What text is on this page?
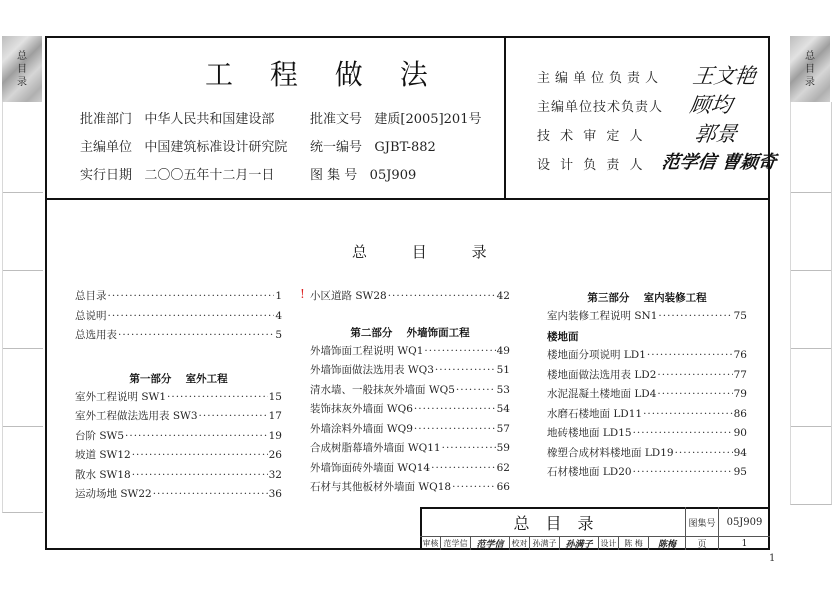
总
目
录
总
目
录
工 程 做 法
批准部门 中华人民共和国建设部
主编单位 中国建筑标准设计研究院
实行日期 二〇〇五年十二月一日
批准文号 建质[2005]201号
统一编号 GJBT-882
图 集 号 05J909
主编单位负责人 王文艳
主编单位技术负责人 顾均
技 术 审 定 人 郭景
设 计 负 责 人 范学信 曹颖奇
总	目	录
总目录 ·····	1
总说明 ·····	4
总选用表 ·····	5
第一部分　 室外工程
室外工程说明 SW1 ·····	15
室外工程做法选用表 SW3 ·····	17
台阶 SW5 ·····	19
坡道 SW12 ·····	26
散水 SW18 ·····	32
运动场地 SW22 ·····	36
! 小区道路 SW28 ·····	42
第二部分　 外墙饰面工程
外墙饰面工程说明 WQ1 ·····	49
外墙饰面做法选用表 WQ3 ·····	51
清水墙、一般抹灰外墙面 WQ5 ·····	53
装饰抹灰外墙面 WQ6 ·····	54
外墙涂料外墙面 WQ9 ·····	57
合成树脂幕墙外墙面 WQ11 ·····	59
外墙饰面砖外墙面 WQ14 ·····	62
石材与其他板材外墙面 WQ18 ·····	66
第三部分　 室内装修工程
室内装修工程说明 SN1 ·····	75
楼地面
楼地面分项说明 LD1 ·····	76
楼地面做法选用表 LD2 ·····	77
水泥混凝土楼地面 LD4 ·····	79
水磨石楼地面 LD11 ·····	86
地砖楼地面 LD15 ·····	90
橡塑合成材料楼地面 LD19 ·····	94
石材楼地面 LD20 ·····	95
总　目　录	图集号	05J909
页	1
审核 范学信 范学信	校对 孙满子 孙满子	设计 陈 梅	陈梅
1
